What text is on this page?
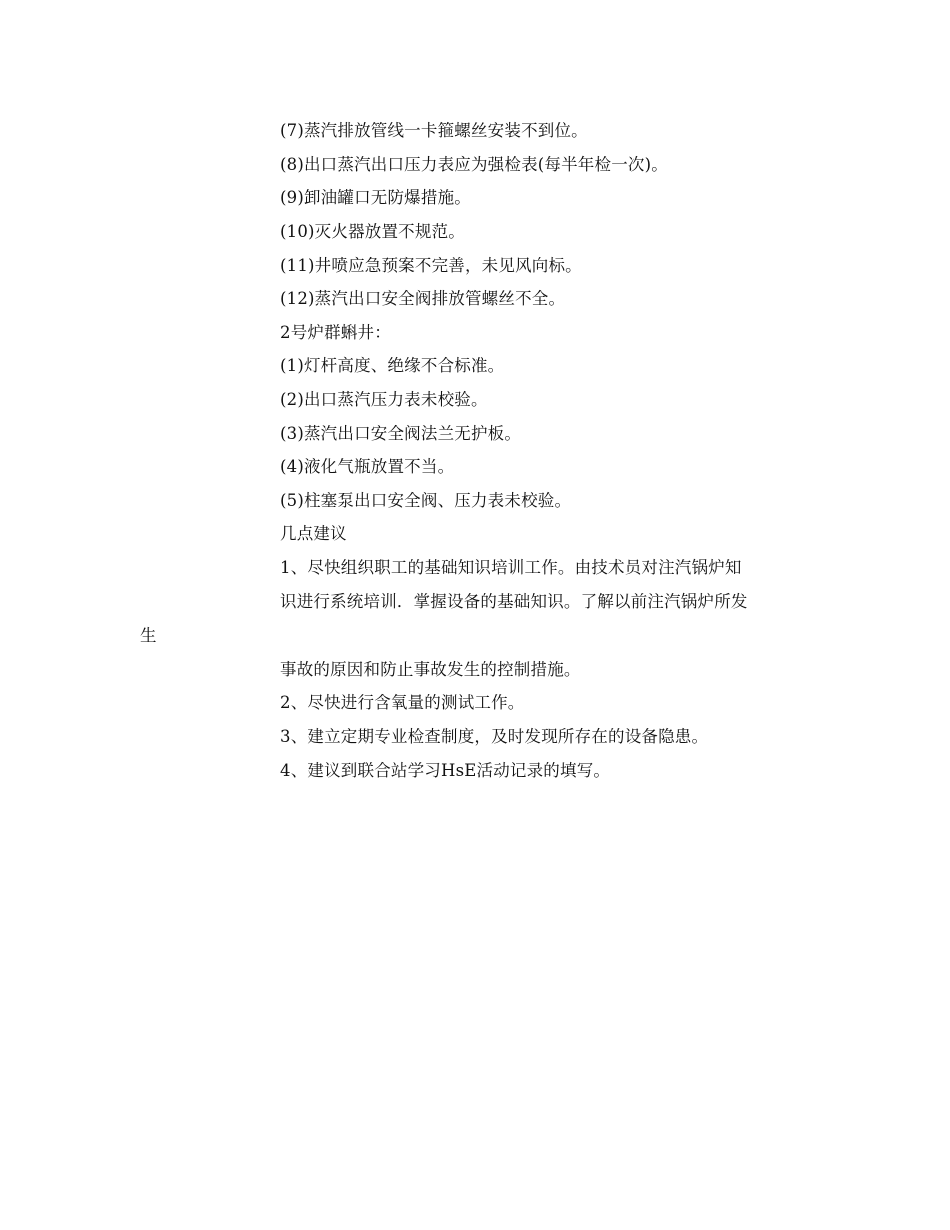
(7)蒸汽排放管线一卡箍螺丝安装不到位。
(8)出口蒸汽出口压力表应为强检表(每半年检一次)。
(9)卸油罐口无防爆措施。
(10)灭火器放置不规范。
(11)井喷应急预案不完善，未见风向标。
(12)蒸汽出口安全阀排放管螺丝不全。
2号炉群蝌井：
(1)灯杆高度、绝缘不合标准。
(2)出口蒸汽压力表未校验。
(3)蒸汽出口安全阀法兰无护板。
(4)液化气瓶放置不当。
(5)柱塞泵出口安全阀、压力表未校验。
几点建议
1、尽快组织职工的基础知识培训工作。由技术员对注汽锅炉知
识进行系统培训．掌握设备的基础知识。了解以前注汽锅炉所发
生
事故的原因和防止事故发生的控制措施。
2、尽快进行含氧量的测试工作。
3、建立定期专业检查制度，及时发现所存在的设备隐患。
4、建议到联合站学习HsE活动记录的填写。
